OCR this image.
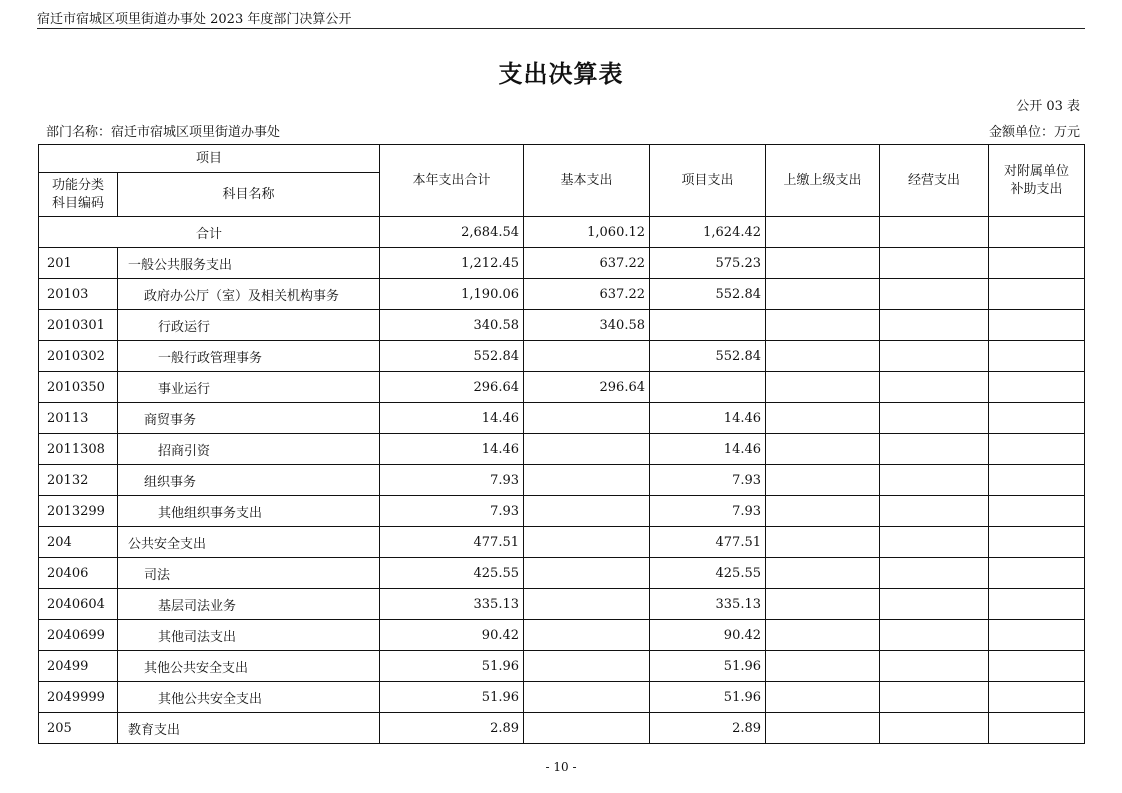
宿迁市宿城区项里街道办事处 2023 年度部门决算公开
支出决算表
公开 03 表
部门名称：宿迁市宿城区项里街道办事处	金额单位：万元
项目		本年支出合计	基本支出	项目支出	上缴上级支出	经营支出	对附属单位补助支出
功能分类科目编码	科目名称						
合计		2,684.54	1,060.12	1,624.42			
201	一般公共服务支出	1,212.45	637.22	575.23			
20103	政府办公厅（室）及相关机构事务	1,190.06	637.22	552.84			
2010301	行政运行	340.58	340.58				
2010302	一般行政管理事务	552.84		552.84			
2010350	事业运行	296.64	296.64				
20113	商贸事务	14.46		14.46			
2011308	招商引资	14.46		14.46			
20132	组织事务	7.93		7.93			
2013299	其他组织事务支出	7.93		7.93			
204	公共安全支出	477.51		477.51			
20406	司法	425.55		425.55			
2040604	基层司法业务	335.13		335.13			
2040699	其他司法支出	90.42		90.42			
20499	其他公共安全支出	51.96		51.96			
2049999	其他公共安全支出	51.96		51.96			
205	教育支出	2.89		2.89			
- 10 -
